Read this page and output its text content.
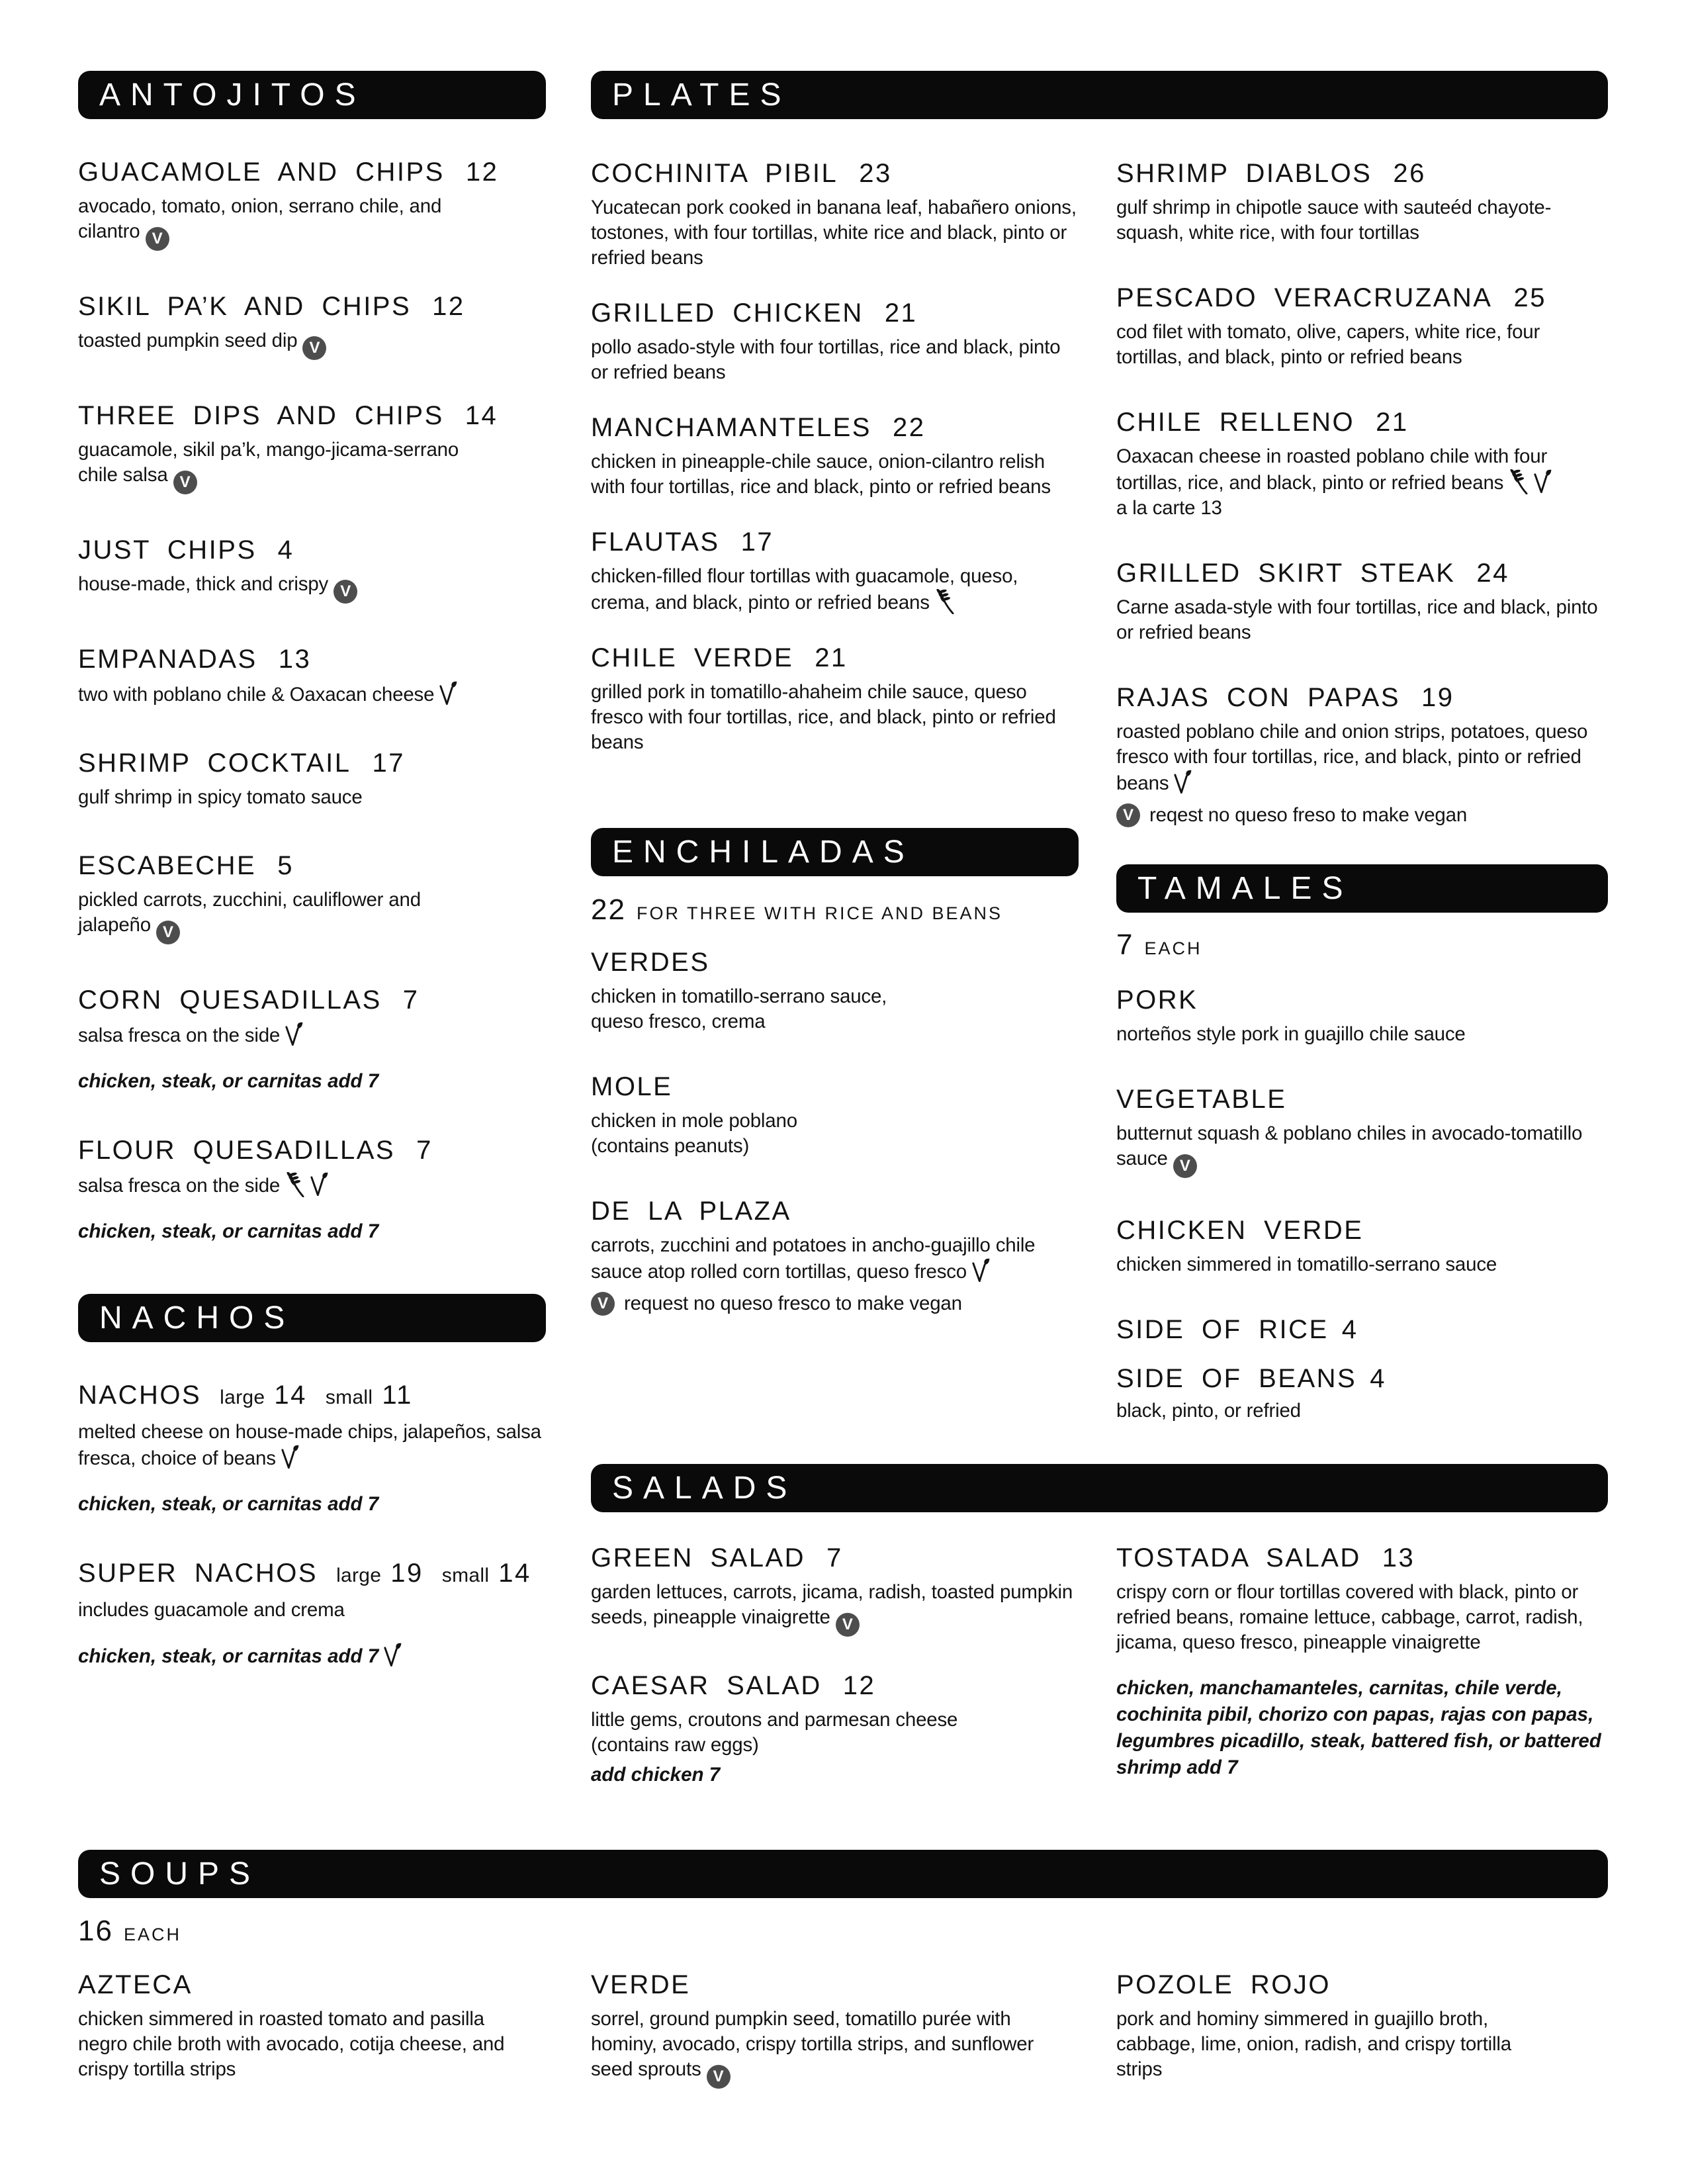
ANTOJITOS
GUACAMOLE AND CHIPS 12
avocado, tomato, onion, serrano chile, and cilantro V
SIKIL PA’K AND CHIPS 12
toasted pumpkin seed dip V
THREE DIPS AND CHIPS 14
guacamole, sikil pa’k, mango-jicama-serrano chile salsa V
JUST CHIPS 4
house-made, thick and crispy V
EMPANADAS 13
two with poblano chile & Oaxacan cheese
SHRIMP COCKTAIL 17
gulf shrimp in spicy tomato sauce
ESCABECHE 5
pickled carrots, zucchini, cauliflower and jalapeño V
CORN QUESADILLAS 7
salsa fresca on the side
chicken, steak, or carnitas add 7
FLOUR QUESADILLAS 7
salsa fresca on the side
chicken, steak, or carnitas add 7
NACHOS
NACHOS large 14 small 11
melted cheese on house-made chips, jalapeños, salsa fresca, choice of beans
chicken, steak, or carnitas add 7
SUPER NACHOS large 19 small 14
includes guacamole and crema
chicken, steak, or carnitas add 7
PLATES
COCHINITA PIBIL 23
Yucatecan pork cooked in banana leaf, habañero onions, tostones, with four tortillas, white rice and black, pinto or refried beans
GRILLED CHICKEN 21
pollo asado-style with four tortillas, rice and black, pinto or refried beans
MANCHAMANTELES 22
chicken in pineapple-chile sauce, onion-cilantro relish with four tortillas, rice and black, pinto or refried beans
FLAUTAS 17
chicken-filled flour tortillas with guacamole, queso, crema, and black, pinto or refried beans
CHILE VERDE 21
grilled pork in tomatillo-ahaheim chile sauce, queso fresco with four tortillas, rice, and black, pinto or refried beans
ENCHILADAS
22 FOR THREE WITH RICE AND BEANS
VERDES
chicken in tomatillo-serrano sauce,
queso fresco, crema
MOLE
chicken in mole poblano
(contains peanuts)
DE LA PLAZA
carrots, zucchini and potatoes in ancho-guajillo chile sauce atop rolled corn tortillas, queso fresco
V request no queso fresco to make vegan
SHRIMP DIABLOS 26
gulf shrimp in chipotle sauce with sauteéd chayote-squash, white rice, with four tortillas
PESCADO VERACRUZANA 25
cod filet with tomato, olive, capers, white rice, four tortillas, and black, pinto or refried beans
CHILE RELLENO 21
Oaxacan cheese in roasted poblano chile with four tortillas, rice, and black, pinto or refried beans
a la carte 13
GRILLED SKIRT STEAK 24
Carne asada-style with four tortillas, rice and black, pinto or refried beans
RAJAS CON PAPAS 19
roasted poblano chile and onion strips, potatoes, queso fresco with four tortillas, rice, and black, pinto or refried beans
V reqest no queso freso to make vegan
TAMALES
7 EACH
PORK
norteños style pork in guajillo chile sauce
VEGETABLE
butternut squash & poblano chiles in avocado-tomatillo sauce V
CHICKEN VERDE
chicken simmered in tomatillo-serrano sauce
SIDE OF RICE 4
SIDE OF BEANS 4
black, pinto, or refried
SALADS
GREEN SALAD 7
garden lettuces, carrots, jicama, radish, toasted pumpkin seeds, pineapple vinaigrette V
CAESAR SALAD 12
little gems, croutons and parmesan cheese (contains raw eggs)
add chicken 7
TOSTADA SALAD 13
crispy corn or flour tortillas covered with black, pinto or refried beans, romaine lettuce, cabbage, carrot, radish, jicama, queso fresco, pineapple vinaigrette
chicken, manchamanteles, carnitas, chile verde, cochinita pibil, chorizo con papas, rajas con papas, legumbres picadillo, steak, battered fish, or battered shrimp add 7
SOUPS
16 EACH
AZTECA
chicken simmered in roasted tomato and pasilla negro chile broth with avocado, cotija cheese, and crispy tortilla strips
VERDE
sorrel, ground pumpkin seed, tomatillo purée with hominy, avocado, crispy tortilla strips, and sunflower seed sprouts V
POZOLE ROJO
pork and hominy simmered in guajillo broth, cabbage, lime, onion, radish, and crispy tortilla strips
